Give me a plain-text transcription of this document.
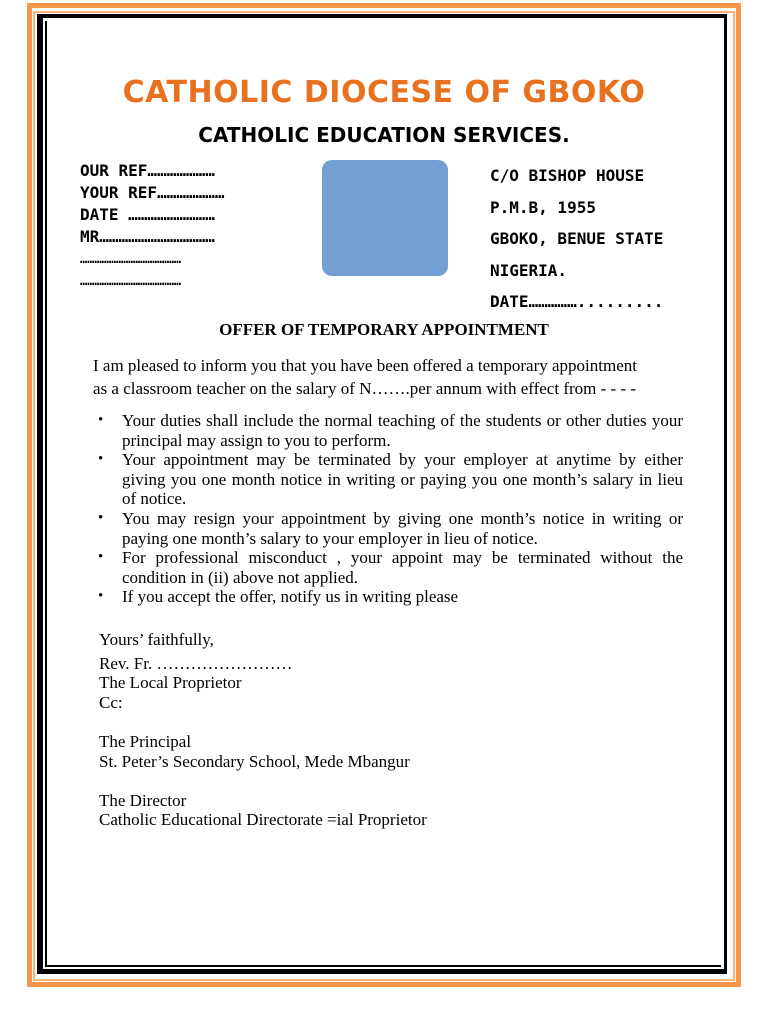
CATHOLIC DIOCESE OF GBOKO
CATHOLIC EDUCATION SERVICES.
OUR REF…………………
YOUR REF…………………
DATE ………………………
MR………………………………
……………………………………
……………………………………
C/O BISHOP HOUSE
P.M.B, 1955
GBOKO, BENUE STATE
NIGERIA.
DATE…………….........
OFFER OF TEMPORARY APPOINTMENT
I am pleased to inform you that you have been offered a temporary appointment
as a classroom teacher on the salary of N…….per annum with effect from - - - -
• Your duties shall include the normal teaching of the students or other duties your principal may assign to you to perform.
• Your appointment may be terminated by your employer at anytime by either giving you one month notice in writing or paying you one month’s salary in lieu of notice.
• You may resign your appointment by giving one month’s notice in writing or paying one month’s salary to your employer in lieu of notice.
• For professional misconduct , your appoint may be terminated without the condition in (ii) above not applied.
• If you accept the offer, notify us in writing please
Yours’ faithfully,
Rev. Fr. ……………………
The Local Proprietor
Cc:
The Principal
St. Peter’s Secondary School, Mede Mbangur
The Director
Catholic Educational Directorate =ial Proprietor
